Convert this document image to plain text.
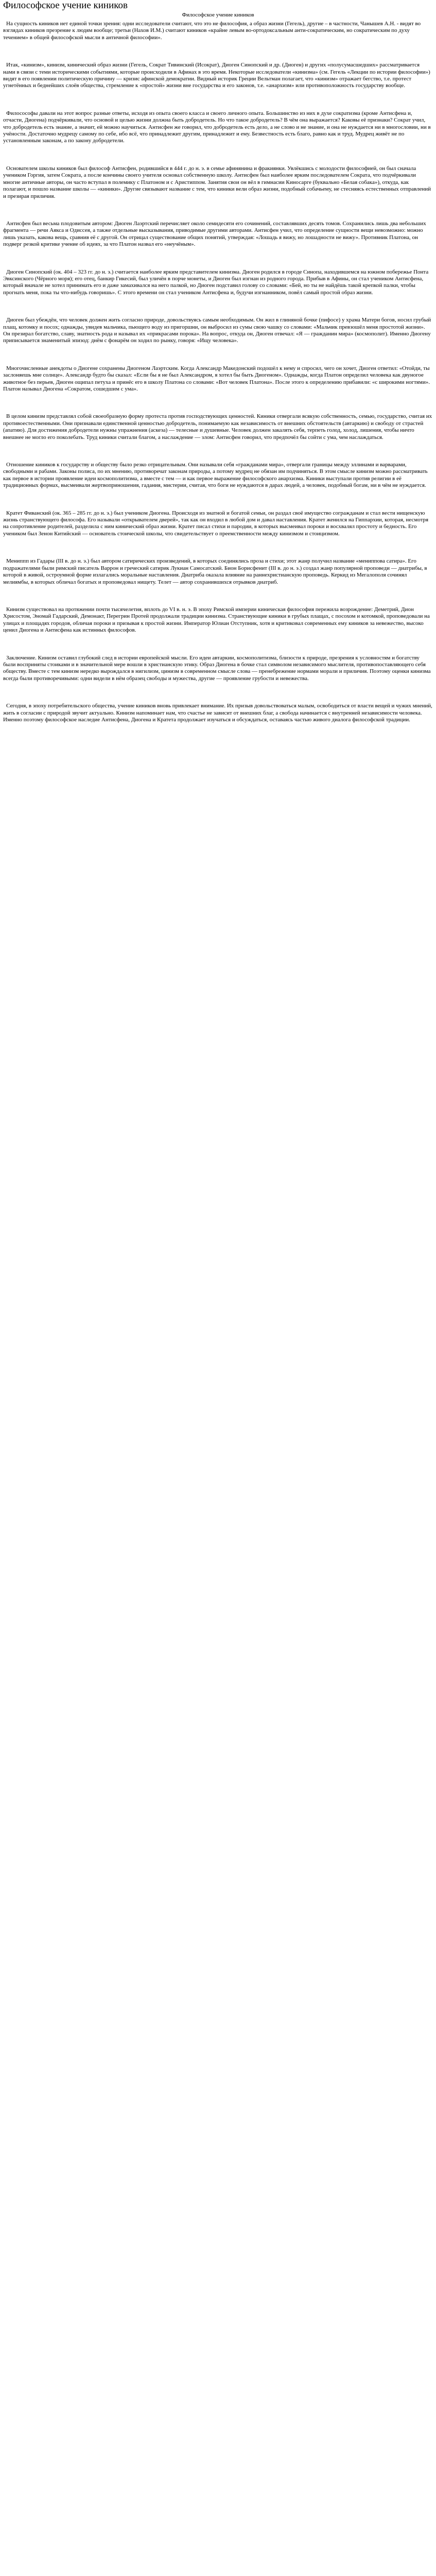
Философское учение киников
Философское учение киников

На сущность киников нет единой точки зрения: одни исследователи считают, что это не философия, а образ жизни (Гегель), другие – в частности, Чанышев А.Н. - видят во взглядах киников презрение к людям вообще; третьи (Нахов И.М.) считают киников «крайне левым во-ортодоксальным анти-сократическим, но сократическим по духу течением» в общей философской мысли в античной философии».

Итак, «кинизм», кинизм, кинический образ жизни (Гегель, Сократ Тивинский (Исократ), Диоген Синопский и др. (Диоген) и других «полусумасшедших» рассматривается нами в связи с теми историческими событиями, которые происходили в Афинах в это время. Некоторые исследователи «кинизма» (см. Гегель «Лекции по истории философии») видят в его появлении политическую причину — кризис афинской демократии. Видный историк Греции Вельтман полагает, что «кинизм» отражает бегство, т.е. протест угнетённых и беднейших слоёв общества, стремление к «простой» жизни вне государства и его законов, т.е. «анархизм» или противоположность государству вообще.

Филосософы давали на этот вопрос разные ответы, исходя из опыта своего класса и своего личного опыта. Большинство из них в духе сократизма (кроме Антисфена и, отчасти, Диогена) подчёркивали, что основой и целью жизни должна быть добродетель. Но что такое добродетель? В чём она выражается? Каковы её признаки? Сократ учил, что добродетель есть знание, а значит, ей можно научиться. Антисфен же говорил, что добродетель есть дело, а не слово и не знание, и она не нуждается ни в многословии, ни в учёности. Достаточно мудрецу самому по себе, ибо всё, что принадлежит другим, принадлежит и ему. Безвестность есть благо, равно как и труд. Мудрец живёт не по установленным законам, а по закону добродетели.

Основателем школы киников был философ Антисфен, родившийся в 444 г. до н. э. в семье афинянина и фракиянки. Увлёкшись с молодости философией, он был сначала учеником Горгия, затем Сократа, а после кончины своего учителя основал собственную школу. Антисфен был наиболее ярким последователем Сократа, что подчёркивали многие античные авторы, он часто вступал в полемику с Платоном и с Аристиппом. Занятия свои он вёл в гимнасии Киносарге (буквально «Белая собака»), откуда, как полагают, и пошло название школы — «киники». Другие связывают название с тем, что киники вели образ жизни, подобный собачьему, не стесняясь естественных отправлений и презирая приличия.

Антисфен был весьма плодовитым автором: Диоген Лаэртский перечисляет около семидесяти его сочинений, составлявших десять томов. Сохранились лишь два небольших фрагмента — речи Аякса и Одиссея, а также отдельные высказывания, приводимые другими авторами. Антисфен учил, что определение сущности вещи невозможно: можно лишь указать, какова вещь, сравнив её с другой. Он отрицал существование общих понятий, утверждая: «Лошадь я вижу, но лошадности не вижу». Противник Платона, он подверг резкой критике учение об идеях, за что Платон назвал его «неучёным».

Диоген Синопский (ок. 404 – 323 гг. до н. э.) считается наиболее ярким представителем кинизма. Диоген родился в городе Синопа, находившемся на южном побережье Понта Эвксинского (Чёрного моря); его отец, банкир Гикесий, был уличён в порче монеты, и Диоген был изгнан из родного города. Прибыв в Афины, он стал учеником Антисфена, который вначале не хотел принимать его и даже замахивался на него палкой, но Диоген подставил голову со словами: «Бей, но ты не найдёшь такой крепкой палки, чтобы прогнать меня, пока ты что-нибудь говоришь». С этого времени он стал учеником Антисфена и, будучи изгнанником, повёл самый простой образ жизни.

Диоген был убеждён, что человек должен жить согласно природе, довольствуясь самым необходимым. Он жил в глиняной бочке (пифосе) у храма Матери богов, носил грубый плащ, котомку и посох; однажды, увидев мальчика, пьющего воду из пригоршни, он выбросил из сумы свою чашку со словами: «Мальчик превзошёл меня простотой жизни». Он презирал богатство, славу, знатность рода и называл их «прикрасами порока». На вопрос, откуда он, Диоген отвечал: «Я — гражданин мира» (космополит). Именно Диогену приписывается знаменитый эпизод: днём с фонарём он ходил по рынку, говоря: «Ищу человека».

Многочисленные анекдоты о Диогене сохранены Диогеном Лаэртским. Когда Александр Македонский подошёл к нему и спросил, чего он хочет, Диоген ответил: «Отойди, ты заслоняешь мне солнце». Александр будто бы сказал: «Если бы я не был Александром, я хотел бы быть Диогеном». Однажды, когда Платон определил человека как двуногое животное без перьев, Диоген ощипал петуха и принёс его в школу Платона со словами: «Вот человек Платона». После этого к определению прибавили: «с широкими ногтями». Платон называл Диогена «Сократом, сошедшим с ума».

В целом кинизм представлял собой своеобразную форму протеста против господствующих ценностей. Киники отвергали всякую собственность, семью, государство, считая их противоестественными. Они признавали единственной ценностью добродетель, понимаемую как независимость от внешних обстоятельств (автаркию) и свободу от страстей (апатию). Для достижения добродетели нужны упражнения (аскеза) — телесные и душевные. Человек должен закалять себя, терпеть голод, холод, лишения, чтобы ничто внешнее не могло его поколебать. Труд киники считали благом, а наслаждение — злом: Антисфен говорил, что предпочёл бы сойти с ума, чем наслаждаться.

Отношение киников к государству и обществу было резко отрицательным. Они называли себя «гражданами мира», отвергали границы между эллинами и варварами, свободными и рабами. Законы полиса, по их мнению, противоречат законам природы, а потому мудрец не обязан им подчиняться. В этом смысле кинизм можно рассматривать как первое в истории проявление идеи космополитизма, а вместе с тем — и как первое выражение философского анархизма. Киники выступали против религии в её традиционных формах, высмеивали жертвоприношения, гадания, мистерии, считая, что боги не нуждаются в дарах людей, а человек, подобный богам, ни в чём не нуждается.

Кратет Фиванский (ок. 365 – 285 гг. до н. э.) был учеником Диогена. Происходя из знатной и богатой семьи, он раздал своё имущество согражданам и стал вести нищенскую жизнь странствующего философа. Его называли «открывателем дверей», так как он входил в любой дом и давал наставления. Кратет женился на Гиппархии, которая, несмотря на сопротивление родителей, разделила с ним кинический образ жизни. Кратет писал стихи и пародии, в которых высмеивал пороки и восхвалял простоту и бедность. Его учеником был Зенон Китийский — основатель стоической школы, что свидетельствует о преемственности между кинизмом и стоицизмом.

Мениппп из Гадары (III в. до н. э.) был автором сатирических произведений, в которых соединялись проза и стихи; этот жанр получил название «мениппова сатира». Его подражателями были римский писатель Варрон и греческий сатирик Лукиан Самосатский. Бион Борисфенит (III в. до н. э.) создал жанр популярной проповеди — диатрибы, в которой в живой, остроумной форме излагались моральные наставления. Диатриба оказала влияние на раннехристианскую проповедь. Керкид из Мегалополя сочинял мелиямбы, в которых обличал богатых и проповедовал нищету. Телет — автор сохранившихся отрывков диатриб.

Кинизм существовал на протяжении почти тысячелетия, вплоть до VI в. н. э. В эпоху Римской империи киническая философия пережила возрождение: Деметрий, Дион Хрисостом, Эномай Гадарский, Демонакт, Перегрин Протей продолжали традиции кинизма. Странствующие киники в грубых плащах, с посохом и котомкой, проповедовали на улицах и площадях городов, обличая пороки и призывая к простой жизни. Император Юлиан Отступник, хотя и критиковал современных ему киников за невежество, высоко ценил Диогена и Антисфена как истинных философов.

Заключение. Кинизм оставил глубокий след в истории европейской мысли. Его идеи автаркии, космополитизма, близости к природе, презрения к условностям и богатству были восприняты стоиками и в значительной мере вошли в христианскую этику. Образ Диогена в бочке стал символом независимого мыслителя, противопоставляющего себя обществу. Вместе с тем кинизм нередко вырождался в нигилизм, цинизм в современном смысле слова — пренебрежение нормами морали и приличия. Поэтому оценки кинизма всегда были противоречивыми: одни видели в нём образец свободы и мужества, другие — проявление грубости и невежества.

Сегодня, в эпоху потребительского общества, учение киников вновь привлекает внимание. Их призыв довольствоваться малым, освободиться от власти вещей и чужих мнений, жить в согласии с природой звучит актуально. Кинизм напоминает нам, что счастье не зависит от внешних благ, а свобода начинается с внутренней независимости человека. Именно поэтому философское наследие Антисфена, Диогена и Кратета продолжает изучаться и обсуждаться, оставаясь частью живого диалога философской традиции.
